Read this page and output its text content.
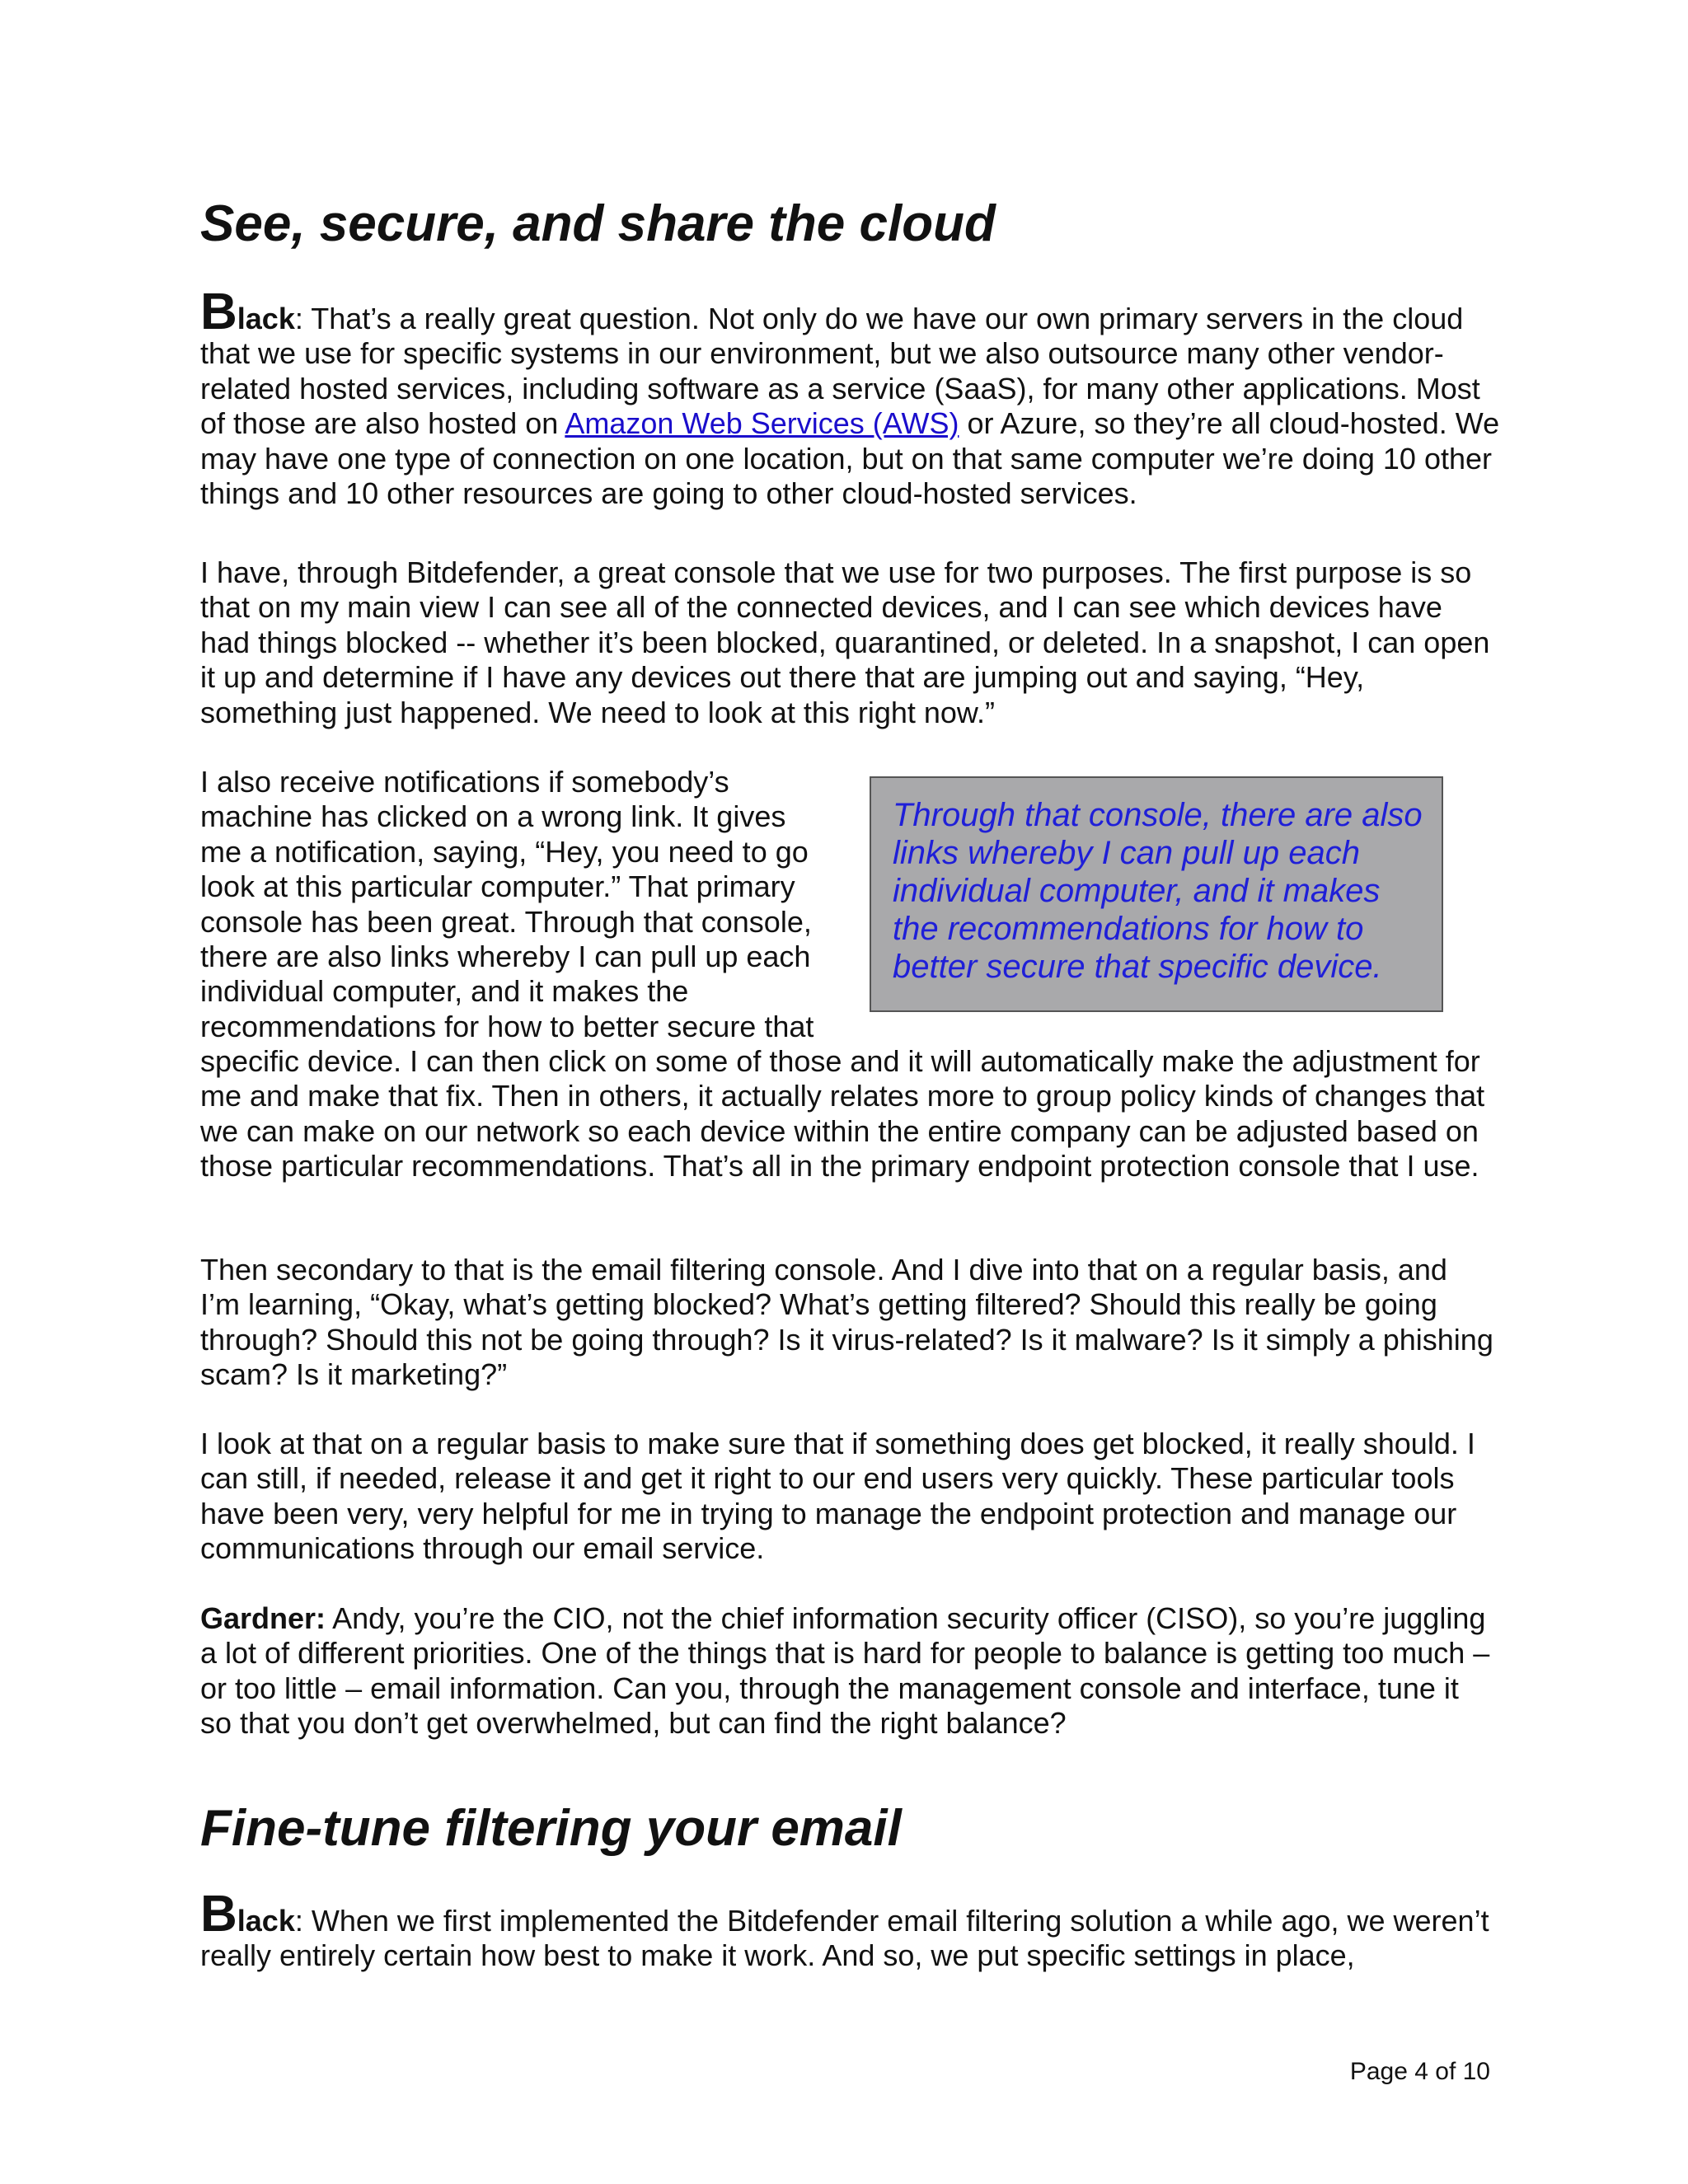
See, secure, and share the cloud

Black: That’s a really great question. Not only do we have our own primary servers in the cloud that we use for specific systems in our environment, but we also outsource many other vendor-related hosted services, including software as a service (SaaS), for many other applications. Most of those are also hosted on Amazon Web Services (AWS) or Azure, so they’re all cloud-hosted. We may have one type of connection on one location, but on that same computer we’re doing 10 other things and 10 other resources are going to other cloud-hosted services.

I have, through Bitdefender, a great console that we use for two purposes. The first purpose is so that on my main view I can see all of the connected devices, and I can see which devices have had things blocked -- whether it’s been blocked, quarantined, or deleted. In a snapshot, I can open it up and determine if I have any devices out there that are jumping out and saying, “Hey, something just happened. We need to look at this right now.”

I also receive notifications if somebody’s machine has clicked on a wrong link. It gives me a notification, saying, “Hey, you need to go look at this particular computer.” That primary console has been great. Through that console, there are also links whereby I can pull up each individual computer, and it makes the recommendations for how to better secure that

specific device. I can then click on some of those and it will automatically make the adjustment for me and make that fix. Then in others, it actually relates more to group policy kinds of changes that we can make on our network so each device within the entire company can be adjusted based on those particular recommendations. That’s all in the primary endpoint protection console that I use.

Through that console, there are also links whereby I can pull up each individual computer, and it makes the recommendations for how to better secure that specific device.

Then secondary to that is the email filtering console. And I dive into that on a regular basis, and I’m learning, “Okay, what’s getting blocked? What’s getting filtered? Should this really be going through? Should this not be going through? Is it virus-related? Is it malware? Is it simply a phishing scam? Is it marketing?”

I look at that on a regular basis to make sure that if something does get blocked, it really should. I can still, if needed, release it and get it right to our end users very quickly. These particular tools have been very, very helpful for me in trying to manage the endpoint protection and manage our communications through our email service.

Gardner: Andy, you’re the CIO, not the chief information security officer (CISO), so you’re juggling a lot of different priorities. One of the things that is hard for people to balance is getting too much – or too little – email information. Can you, through the management console and interface, tune it so that you don’t get overwhelmed, but can find the right balance?

Fine-tune filtering your email

Black: When we first implemented the Bitdefender email filtering solution a while ago, we weren’t really entirely certain how best to make it work. And so, we put specific settings in place,

Page 4 of 10
